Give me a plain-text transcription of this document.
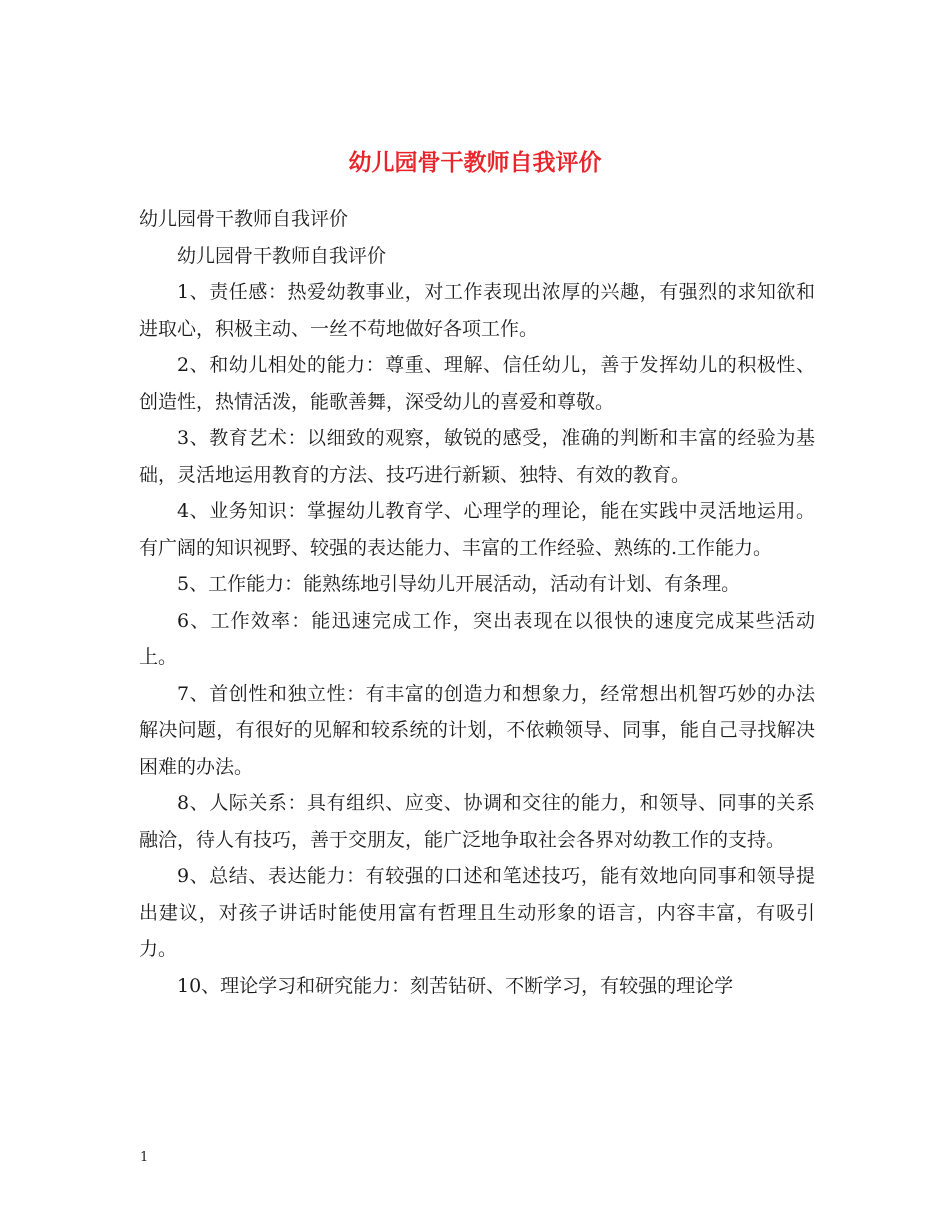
幼儿园骨干教师自我评价

幼儿园骨干教师自我评价

幼儿园骨干教师自我评价

1、责任感：热爱幼教事业，对工作表现出浓厚的兴趣，有强烈的求知欲和进取心，积极主动、一丝不苟地做好各项工作。

2、和幼儿相处的能力：尊重、理解、信任幼儿，善于发挥幼儿的积极性、创造性，热情活泼，能歌善舞，深受幼儿的喜爱和尊敬。

3、教育艺术：以细致的观察，敏锐的感受，准确的判断和丰富的经验为基础，灵活地运用教育的方法、技巧进行新颖、独特、有效的教育。

4、业务知识：掌握幼儿教育学、心理学的理论，能在实践中灵活地运用。有广阔的知识视野、较强的表达能力、丰富的工作经验、熟练的.工作能力。

5、工作能力：能熟练地引导幼儿开展活动，活动有计划、有条理。

6、工作效率：能迅速完成工作，突出表现在以很快的速度完成某些活动上。

7、首创性和独立性：有丰富的创造力和想象力，经常想出机智巧妙的办法解决问题，有很好的见解和较系统的计划，不依赖领导、同事，能自己寻找解决困难的办法。

8、人际关系：具有组织、应变、协调和交往的能力，和领导、同事的关系融洽，待人有技巧，善于交朋友，能广泛地争取社会各界对幼教工作的支持。

9、总结、表达能力：有较强的口述和笔述技巧，能有效地向同事和领导提出建议，对孩子讲话时能使用富有哲理且生动形象的语言，内容丰富，有吸引力。

10、理论学习和研究能力：刻苦钻研、不断学习，有较强的理论学

1
